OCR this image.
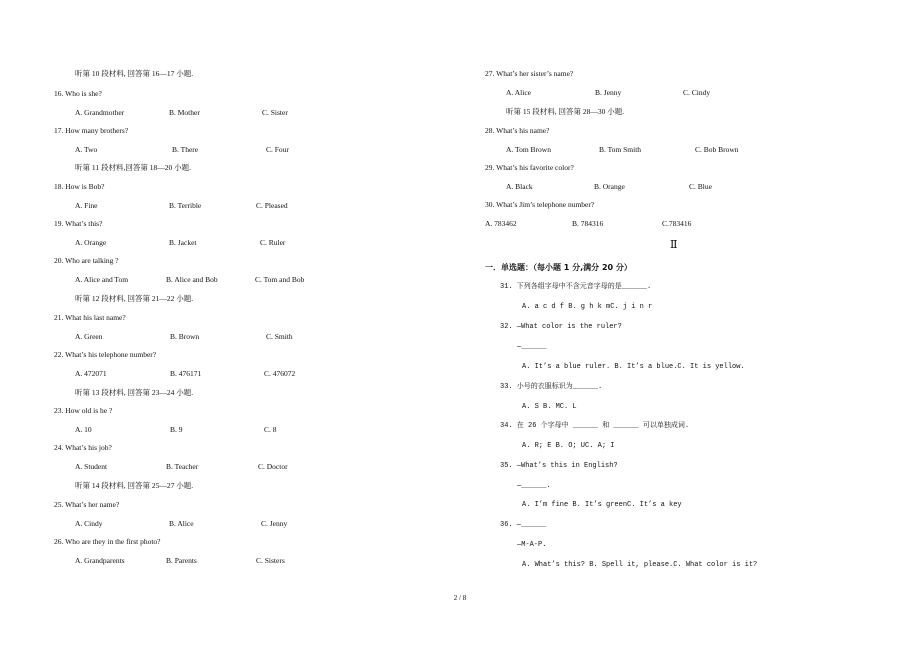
听第 10 段材料, 回答第 16—17 小题.
16. Who is she?
A. Grandmother	B. Mother	C. Sister
17. How many brothers?
A. Two	B. There	C. Four
听第 11 段材料,回答第 18—20 小题.
18. How is Bob?
A. Fine	B. Terrible	C. Pleased
19. What’s this?
A. Orange	B. Jacket	C. Ruler
20. Who are talking ?
A. Alice and Tom	B. Alice and Bob	C. Tom and Bob
听第 12 段材料, 回答第 21—22 小题.
21. What his last name?
A. Green	B. Brown	C. Smith
22. What’s his telephone number?
A. 472071	B. 476171	C. 476072
听第 13 段材料, 回答第 23—24 小题.
23. How old is he ?
A. 10	B. 9	C. 8
24. What’s his job?
A. Student	B. Teacher	C. Doctor
听第 14 段材料, 回答第 25—27 小题.
25. What’s her name?
A. Cindy	B. Alice	C. Jenny
26. Who are they in the first photo?
A. Grandparents	B. Parents	C. Sisters
27. What’s her sister’s name?
A. Alice	B. Jenny	C. Cindy
听第 15 段材料, 回答第 28—30 小题.
28. What’s his name?
A. Tom Brown	B. Tom Smith	C. Bob Brown
29. What’s his favorite color?
A. Black	B. Orange	C. Blue
30. What’s Jim’s telephone number?
A. 783462	B. 784316	C.783416
Ⅱ
一．单选题：（每小题 1 分,满分 20 分）
31. 下列各组字母中不含元音字母的是______.
A. a c d f B. g h k mC. j i n r
32. —What color is the ruler?
—______
A. It’s a blue ruler. B. It’s a blue.C. It is yellow.
33. 小号的衣服标识为______.
A. S B. MC. L
34. 在 26 个字母中 ______ 和 ______ 可以单独成词.
A. R; E B. O; UC. A; I
35. —What’s this in English?
—______.
A. I’m fine B. It’s greenC. It’s a key
36. —______
—M-A-P.
A. What’s this? B. Spell it, please.C. What color is it?
2 / 8
